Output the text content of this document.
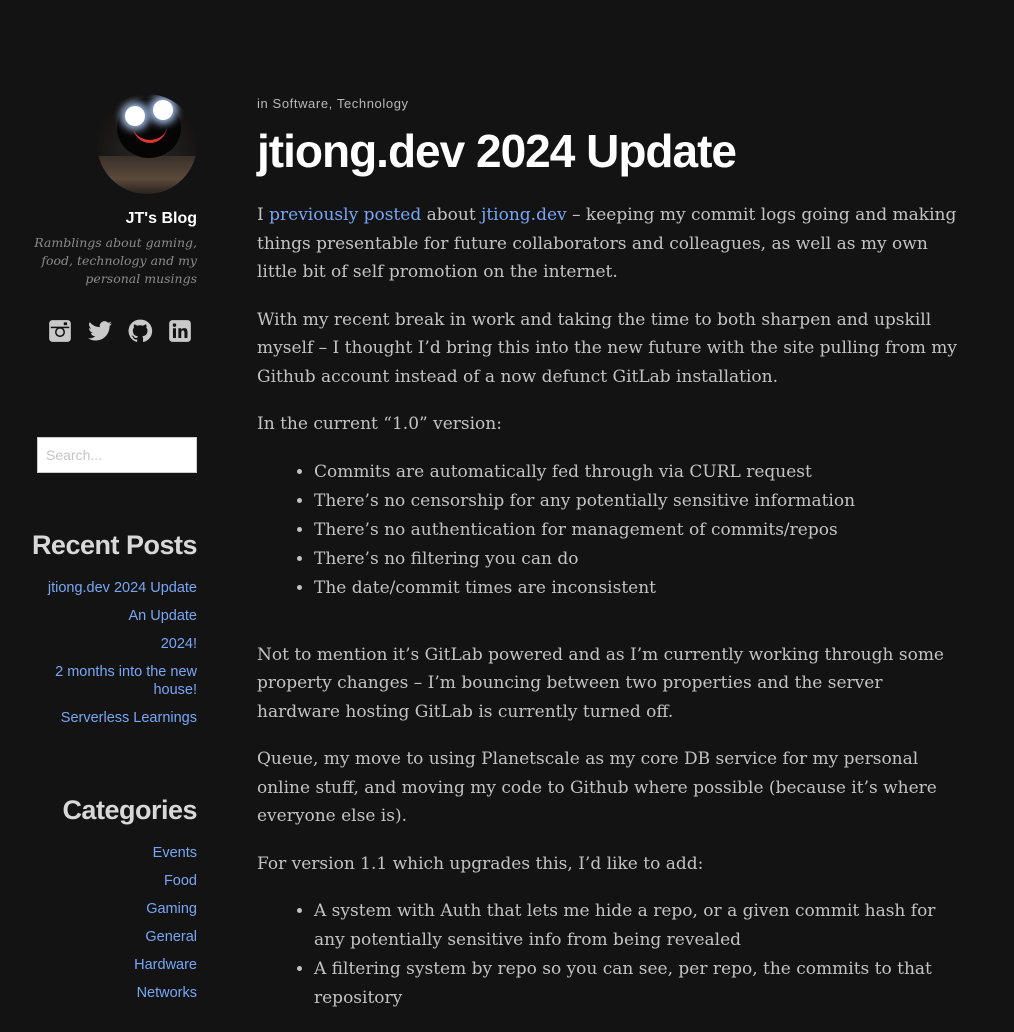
JT's Blog
Ramblings about gaming, food, technology and my personal musings
Search...
Recent Posts
jtiong.dev 2024 Update
An Update
2024!
2 months into the new house!
Serverless Learnings
Categories
Events
Food
Gaming
General
Hardware
Networks
in Software, Technology
jtiong.dev 2024 Update

I previously posted about jtiong.dev – keeping my commit logs going and making things presentable for future collaborators and colleagues, as well as my own little bit of self promotion on the internet.

With my recent break in work and taking the time to both sharpen and upskill myself – I thought I’d bring this into the new future with the site pulling from my Github account instead of a now defunct GitLab installation.

In the current “1.0” version:

• Commits are automatically fed through via CURL request
• There’s no censorship for any potentially sensitive information
• There’s no authentication for management of commits/repos
• There’s no filtering you can do
• The date/commit times are inconsistent

Not to mention it’s GitLab powered and as I’m currently working through some property changes – I’m bouncing between two properties and the server hardware hosting GitLab is currently turned off.

Queue, my move to using Planetscale as my core DB service for my personal online stuff, and moving my code to Github where possible (because it’s where everyone else is).

For version 1.1 which upgrades this, I’d like to add:

• A system with Auth that lets me hide a repo, or a given commit hash for any potentially sensitive info from being revealed
• A filtering system by repo so you can see, per repo, the commits to that repository
